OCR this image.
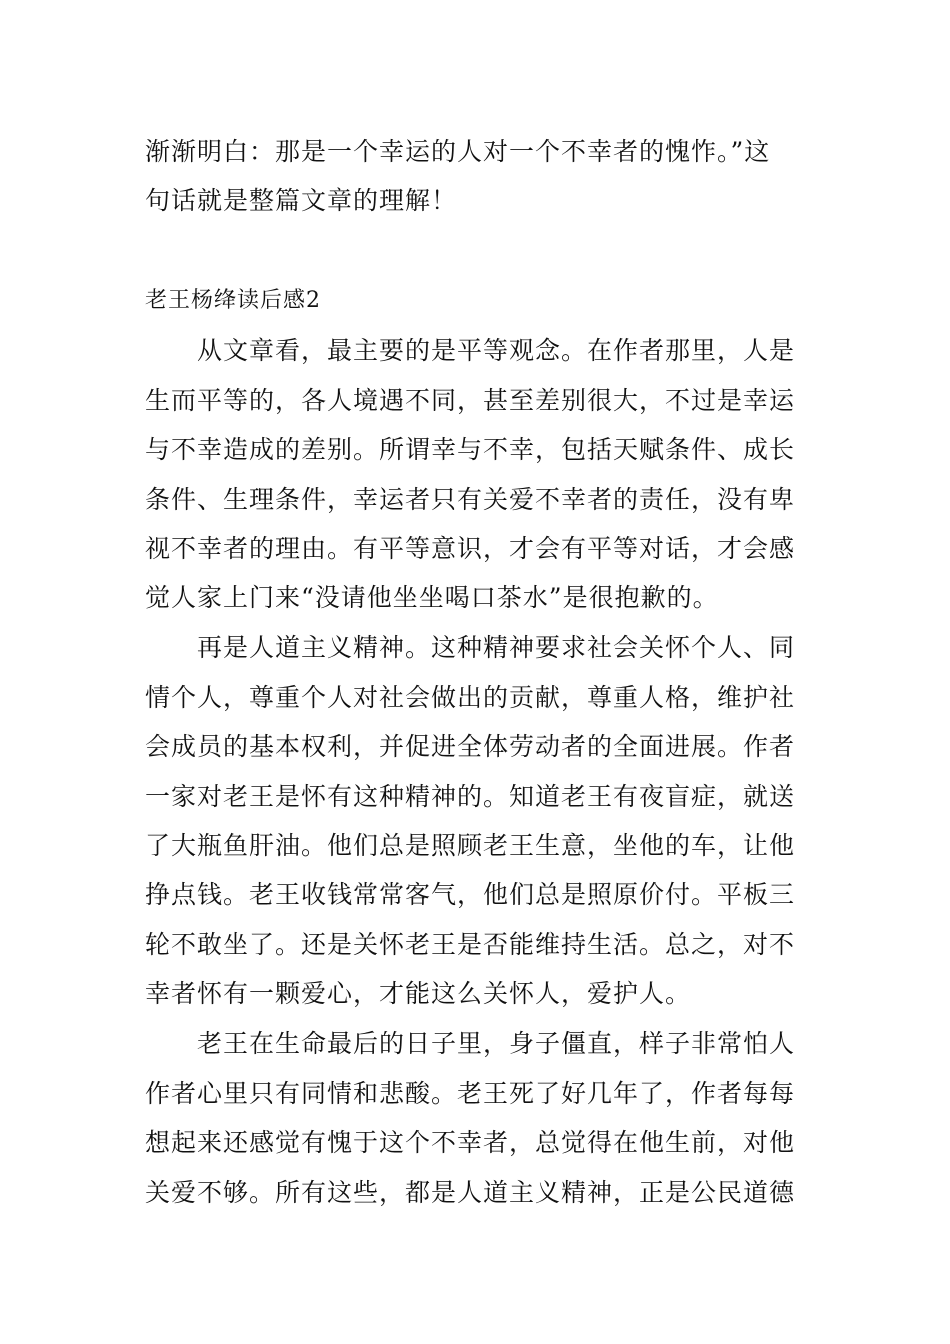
渐渐明白：那是一个幸运的人对一个不幸者的愧怍。”这
句话就是整篇文章的理解！
老王杨绛读后感2
从文章看，最主要的是平等观念。在作者那里，人是
生而平等的，各人境遇不同，甚至差别很大，不过是幸运
与不幸造成的差别。所谓幸与不幸，包括天赋条件、成长
条件、生理条件，幸运者只有关爱不幸者的责任，没有卑
视不幸者的理由。有平等意识，才会有平等对话，才会感
觉人家上门来“没请他坐坐喝口茶水”是很抱歉的。
再是人道主义精神。这种精神要求社会关怀个人、同
情个人，尊重个人对社会做出的贡献，尊重人格，维护社
会成员的基本权利，并促进全体劳动者的全面进展。作者
一家对老王是怀有这种精神的。知道老王有夜盲症，就送
了大瓶鱼肝油。他们总是照顾老王生意，坐他的车，让他
挣点钱。老王收钱常常客气，他们总是照原价付。平板三
轮不敢坐了。还是关怀老王是否能维持生活。总之，对不
幸者怀有一颗爱心，才能这么关怀人，爱护人。
老王在生命最后的日子里，身子僵直，样子非常怕人
作者心里只有同情和悲酸。老王死了好几年了，作者每每
想起来还感觉有愧于这个不幸者，总觉得在他生前，对他
关爱不够。所有这些，都是人道主义精神，正是公民道德
